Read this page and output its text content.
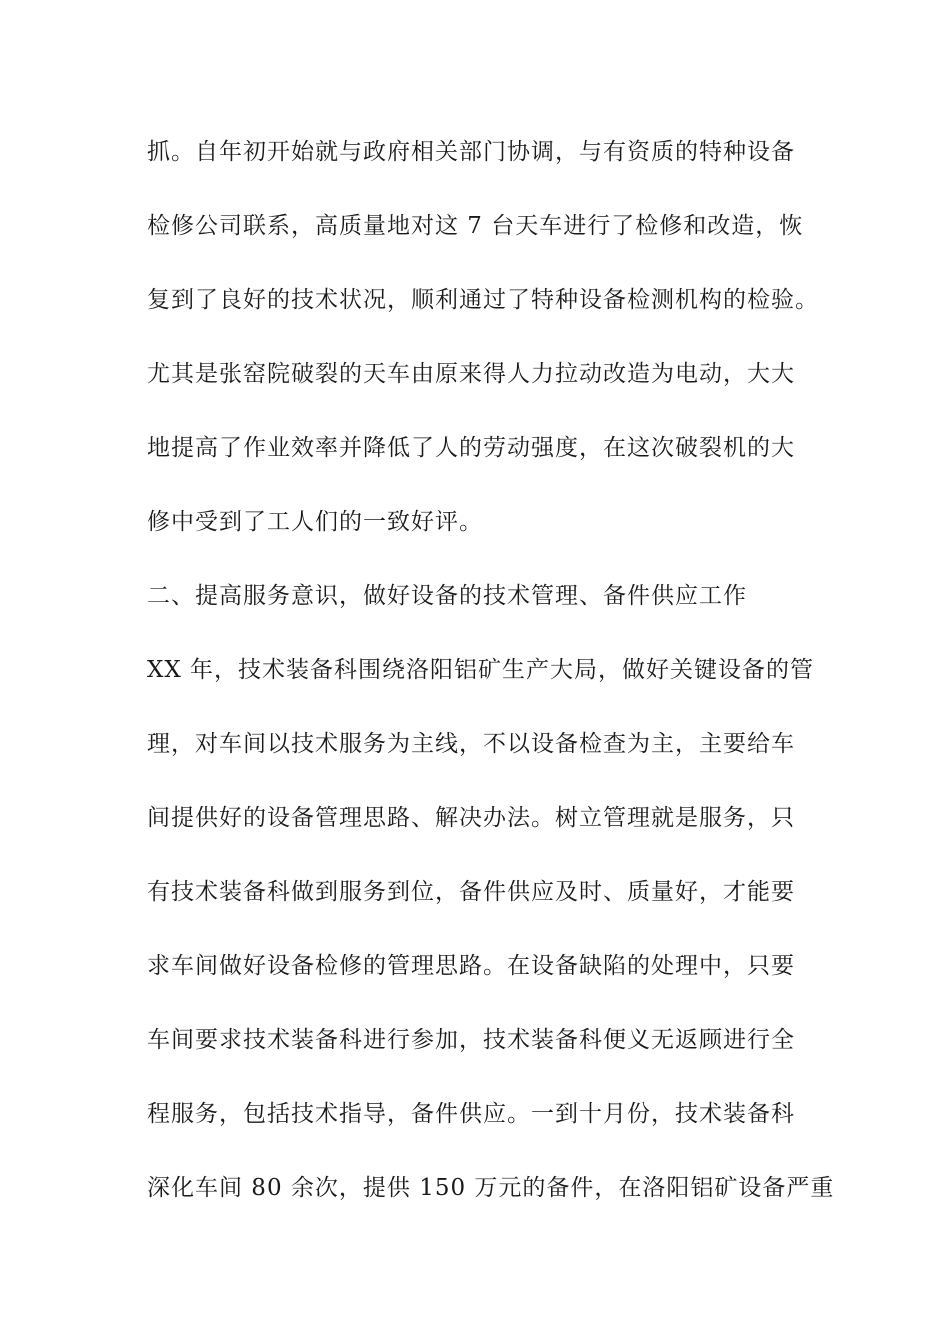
抓。自年初开始就与政府相关部门协调，与有资质的特种设备
检修公司联系，高质量地对这 7 台天车进行了检修和改造，恢
复到了良好的技术状况，顺利通过了特种设备检测机构的检验。
尤其是张窑院破裂的天车由原来得人力拉动改造为电动，大大
地提高了作业效率并降低了人的劳动强度，在这次破裂机的大
修中受到了工人们的一致好评。
二、提高服务意识，做好设备的技术管理、备件供应工作
XX 年，技术装备科围绕洛阳铝矿生产大局，做好关键设备的管
理，对车间以技术服务为主线，不以设备检查为主，主要给车
间提供好的设备管理思路、解决办法。树立管理就是服务，只
有技术装备科做到服务到位，备件供应及时、质量好，才能要
求车间做好设备检修的管理思路。在设备缺陷的处理中，只要
车间要求技术装备科进行参加，技术装备科便义无返顾进行全
程服务，包括技术指导，备件供应。一到十月份，技术装备科
深化车间 80 余次，提供 150 万元的备件，在洛阳铝矿设备严重
